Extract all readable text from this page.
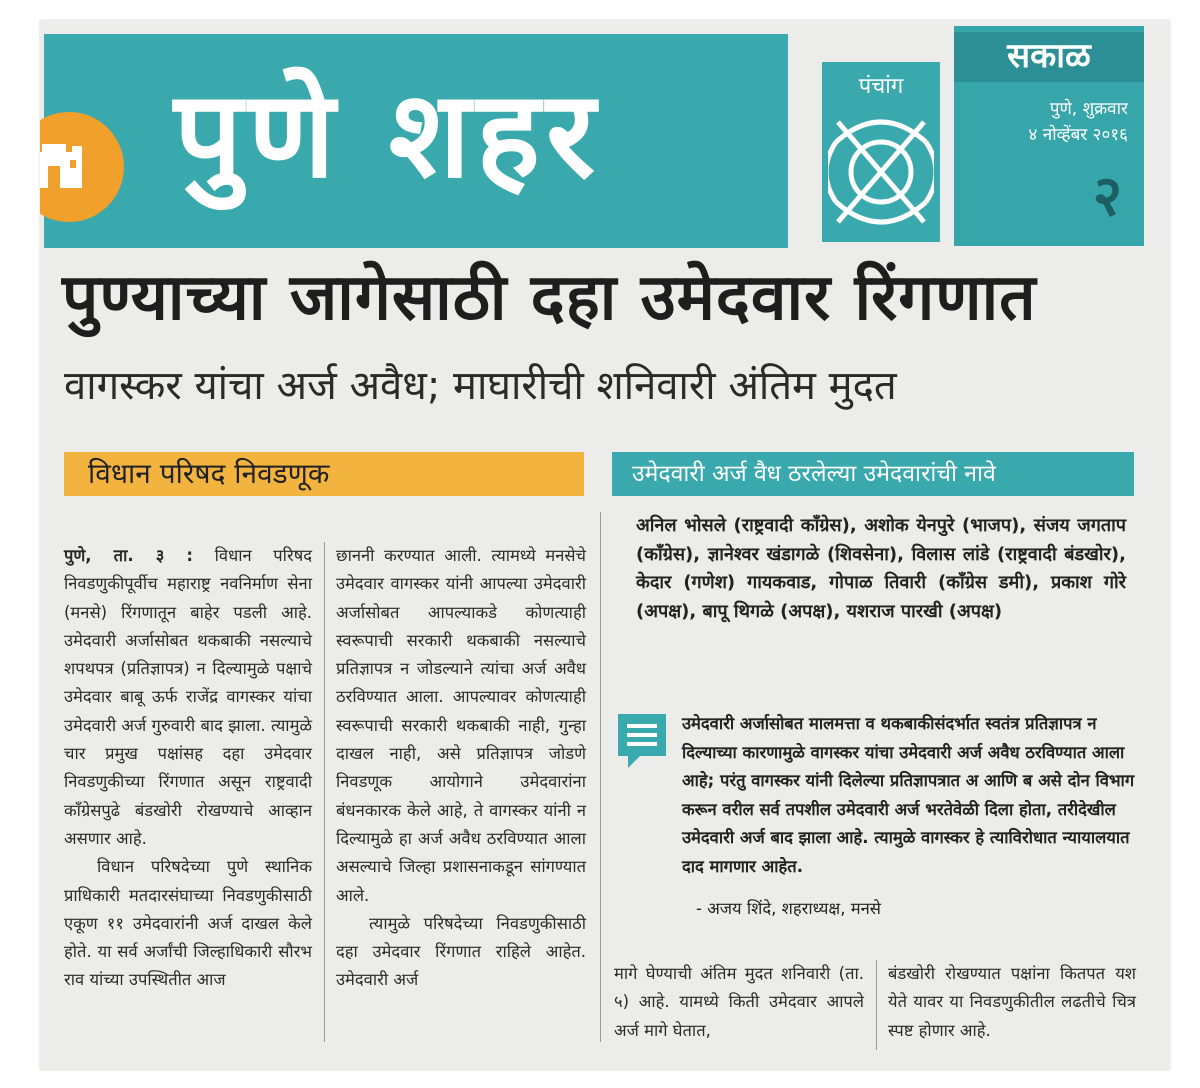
पुणे शहर	पंचांग
सकाळ
पुणे, शुक्रवार
४ नोव्हेंबर २०१६
२
पुण्याच्या जागेसाठी दहा उमेदवार रिंगणात
वागस्कर यांचा अर्ज अवैध; माघारीची शनिवारी अंतिम मुदत
विधान परिषद निवडणूक	उमेदवारी अर्ज वैध ठरलेल्या उमेदवारांची नावे
अनिल भोसले (राष्ट्रवादी काँग्रेस), अशोक येनपुरे (भाजप), संजय जगताप (काँग्रेस), ज्ञानेश्वर खंडागळे (शिवसेना), विलास लांडे (राष्ट्रवादी बंडखोर), केदार (गणेश) गायकवाड, गोपाळ तिवारी (काँग्रेस डमी), प्रकाश गोरे (अपक्ष), बापू थिगळे (अपक्ष), यशराज पारखी (अपक्ष)

पुणे, ता. ३ : विधान परिषद निवडणुकीपूर्वीच महाराष्ट्र नवनिर्माण सेना (मनसे) रिंगणातून बाहेर पडली आहे. उमेदवारी अर्जासोबत थकबाकी नसल्याचे शपथपत्र (प्रतिज्ञापत्र) न दिल्यामुळे पक्षाचे उमेदवार बाबू ऊर्फ राजेंद्र वागस्कर यांचा उमेदवारी अर्ज गुरुवारी बाद झाला. त्यामुळे चार प्रमुख पक्षांसह दहा उमेदवार निवडणुकीच्या रिंगणात असून राष्ट्रवादी काँग्रेसपुढे बंडखोरी रोखण्याचे आव्हान असणार आहे.

विधान परिषदेच्या पुणे स्थानिक प्राधिकारी मतदारसंघाच्या निवडणुकीसाठी एकूण ११ उमेदवारांनी अर्ज दाखल केले होते. या सर्व अर्जांची जिल्हाधिकारी सौरभ राव यांच्या उपस्थितीत आज

छाननी करण्यात आली. त्यामध्ये मनसेचे उमेदवार वागस्कर यांनी आपल्या उमेदवारी अर्जासोबत आपल्याकडे कोणत्याही स्वरूपाची सरकारी थकबाकी नसल्याचे प्रतिज्ञापत्र न जोडल्याने त्यांचा अर्ज अवैध ठरविण्यात आला. आपल्यावर कोणत्याही स्वरूपाची सरकारी थकबाकी नाही, गुन्हा दाखल नाही, असे प्रतिज्ञापत्र जोडणे निवडणूक आयोगाने उमेदवारांना बंधनकारक केले आहे, ते वागस्कर यांनी न दिल्यामुळे हा अर्ज अवैध ठरविण्यात आला असल्याचे जिल्हा प्रशासनाकडून सांगण्यात आले.

त्यामुळे परिषदेच्या निवडणुकीसाठी दहा उमेदवार रिंगणात राहिले आहेत. उमेदवारी अर्ज

उमेदवारी अर्जासोबत मालमत्ता व थकबाकीसंदर्भात स्वतंत्र प्रतिज्ञापत्र न दिल्याच्या कारणामुळे वागस्कर यांचा उमेदवारी अर्ज अवैध ठरविण्यात आला आहे; परंतु वागस्कर यांनी दिलेल्या प्रतिज्ञापत्रात अ आणि ब असे दोन विभाग करून वरील सर्व तपशील उमेदवारी अर्ज भरतेवेळी दिला होता, तरीदेखील उमेदवारी अर्ज बाद झाला आहे. त्यामुळे वागस्कर हे त्याविरोधात न्यायालयात दाद मागणार आहेत.
- अजय शिंदे, शहराध्यक्ष, मनसे

मागे घेण्याची अंतिम मुदत शनिवारी (ता. ५) आहे. यामध्ये किती उमेदवार आपले अर्ज मागे घेतात,

बंडखोरी रोखण्यात पक्षांना कितपत यश येते यावर या निवडणुकीतील लढतीचे चित्र स्पष्ट होणार आहे.
